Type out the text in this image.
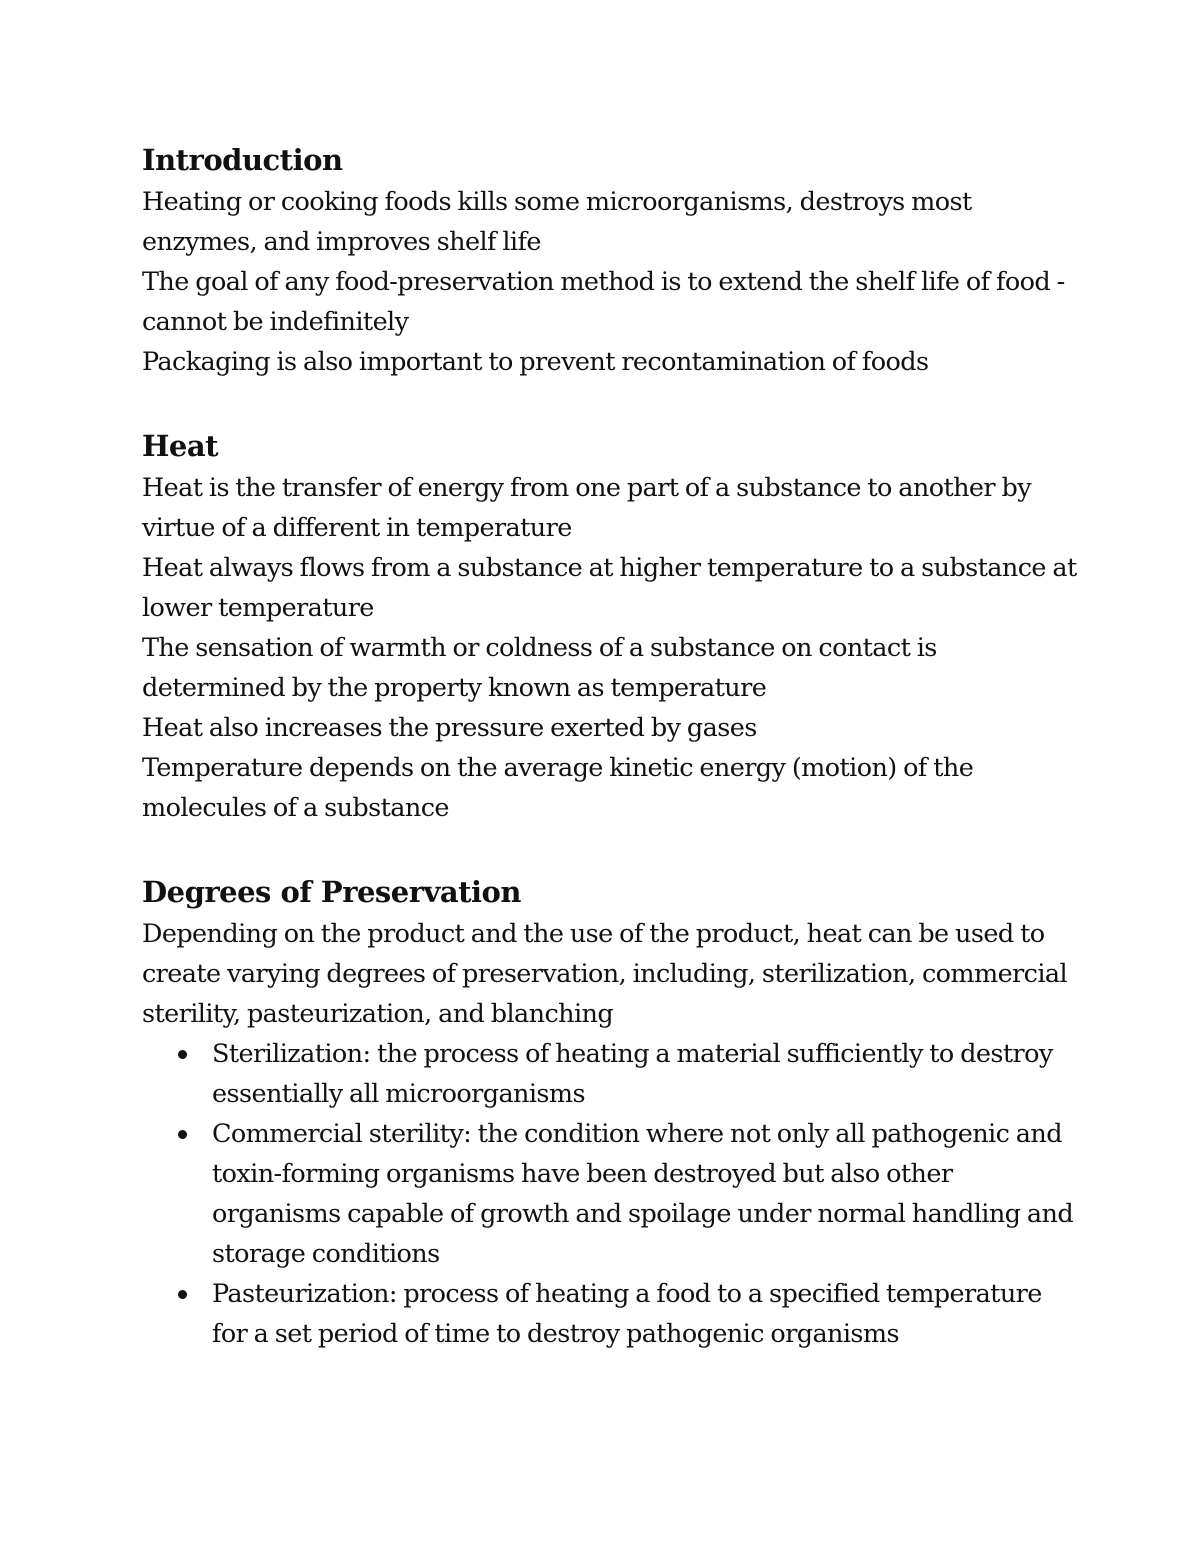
Introduction

Heating or cooking foods kills some microorganisms, destroys most enzymes, and improves shelf life

The goal of any food-preservation method is to extend the shelf life of food - cannot be indefinitely

Packaging is also important to prevent recontamination of foods

Heat

Heat is the transfer of energy from one part of a substance to another by virtue of a different in temperature

Heat always flows from a substance at higher temperature to a substance at lower temperature

The sensation of warmth or coldness of a substance on contact is determined by the property known as temperature

Heat also increases the pressure exerted by gases

Temperature depends on the average kinetic energy (motion) of the molecules of a substance

Degrees of Preservation

Depending on the product and the use of the product, heat can be used to create varying degrees of preservation, including, sterilization, commercial sterility, pasteurization, and blanching

Sterilization: the process of heating a material sufficiently to destroy essentially all microorganisms
Commercial sterility: the condition where not only all pathogenic and toxin-forming organisms have been destroyed but also other organisms capable of growth and spoilage under normal handling and storage conditions
Pasteurization: process of heating a food to a specified temperature for a set period of time to destroy pathogenic organisms
